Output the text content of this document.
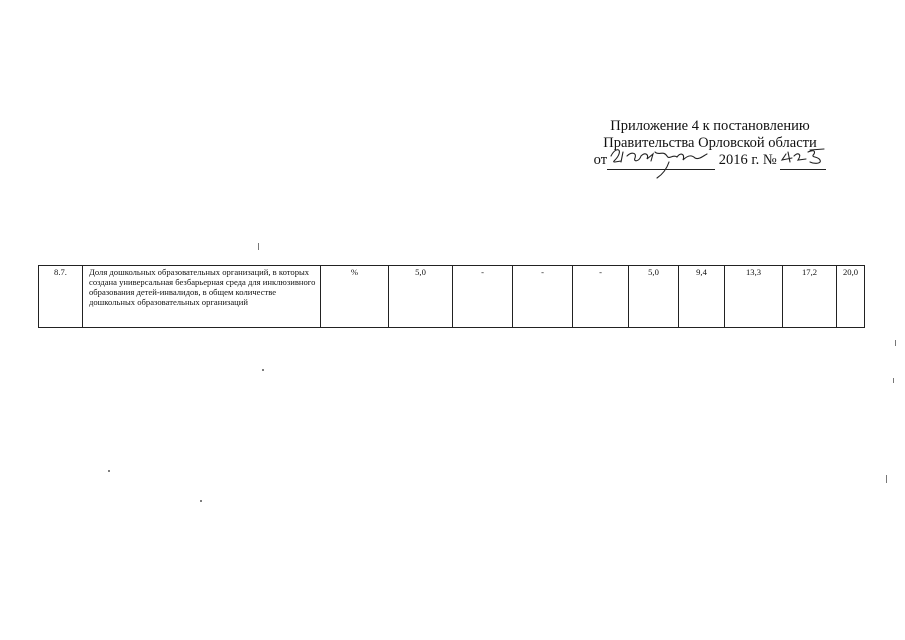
Приложение 4 к постановлению
Правительства Орловской области
от	2016 г. №
8.7.	Доля дошкольных образовательных организаций, в которых создана универсальная безбарьерная среда для инклюзивного образования детей-инвалидов, в общем количестве дошкольных образовательных организаций	%	5,0	-	-	-	5,0	9,4	13,3	17,2	20,0
